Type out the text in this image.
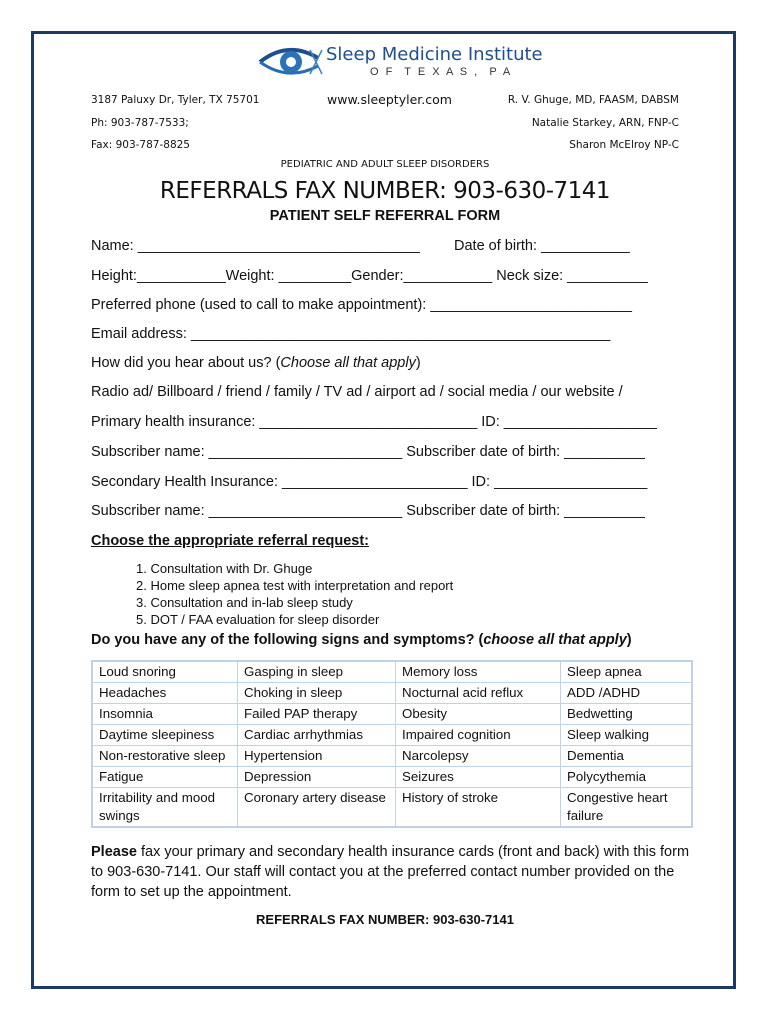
Sleep Medicine Institute
O F  T E X A S ,  P A
3187 Paluxy Dr, Tyler, TX 75701	www.sleeptyler.com	R. V. Ghuge, MD, FAASM, DABSM
Ph: 903-787-7533;	Natalie Starkey, ARN, FNP-C
Fax: 903-787-8825	Sharon McElroy NP-C
PEDIATRIC AND ADULT SLEEP DISORDERS
REFERRALS FAX NUMBER: 903-630-7141
PATIENT SELF REFERRAL FORM
Name: ___________________________________ Date of birth: ___________
Height:___________Weight: _________Gender:___________ Neck size: __________
Preferred phone (used to call to make appointment): _________________________
Email address: ____________________________________________________
How did you hear about us? (Choose all that apply)
Radio ad/ Billboard / friend / family / TV ad / airport ad / social media / our website /
Primary health insurance: ___________________________ ID: ___________________
Subscriber name: ________________________ Subscriber date of birth: __________
Secondary Health Insurance: _______________________ ID: ___________________
Subscriber name: ________________________ Subscriber date of birth: __________
Choose the appropriate referral request:
1. Consultation with Dr. Ghuge
2. Home sleep apnea test with interpretation and report
3. Consultation and in-lab sleep study
5. DOT / FAA evaluation for sleep disorder
Do you have any of the following signs and symptoms? (choose all that apply)
Loud snoring	Gasping in sleep	Memory loss	Sleep apnea
Headaches	Choking in sleep	Nocturnal acid reflux	ADD /ADHD
Insomnia	Failed PAP therapy	Obesity	Bedwetting
Daytime sleepiness	Cardiac arrhythmias	Impaired cognition	Sleep walking
Non-restorative sleep	Hypertension	Narcolepsy	Dementia
Fatigue	Depression	Seizures	Polycythemia
Irritability and mood swings	Coronary artery disease	History of stroke	Congestive heart failure
Please fax your primary and secondary health insurance cards (front and back) with this form to 903-630-7141. Our staff will contact you at the preferred contact number provided on the form to set up the appointment.
REFERRALS FAX NUMBER: 903-630-7141
